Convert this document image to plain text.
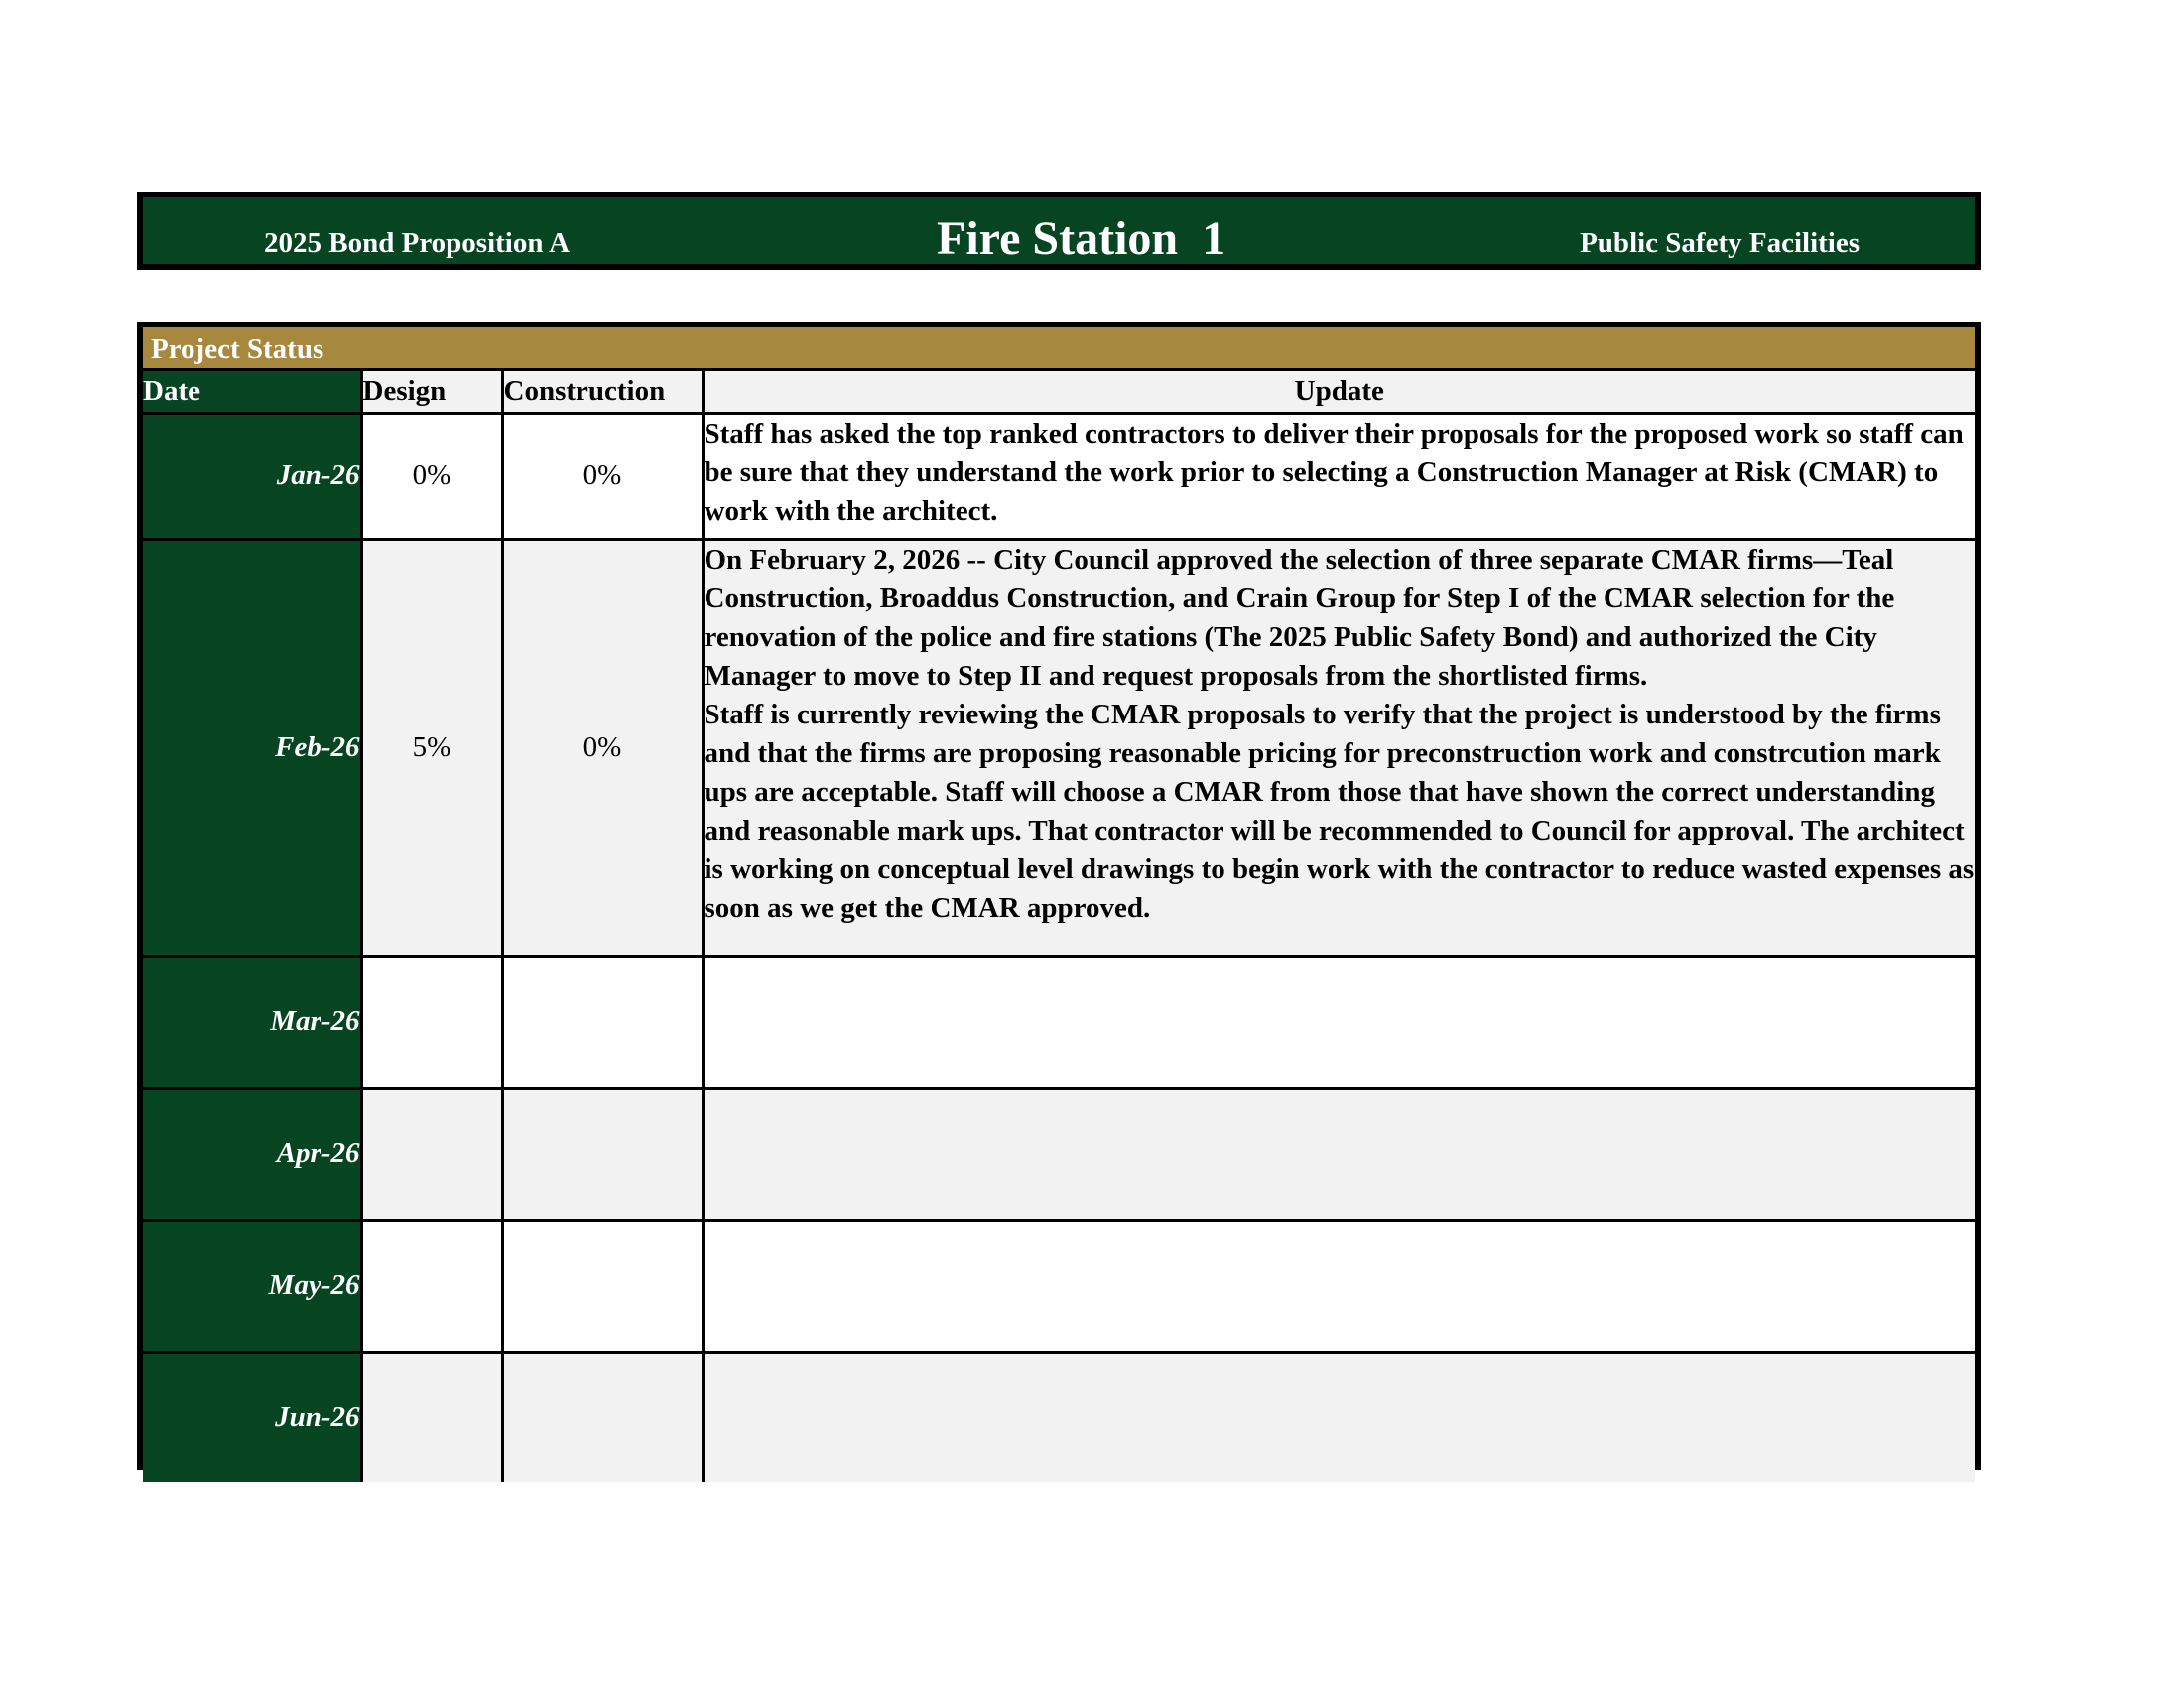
2025 Bond Proposition A	Fire Station  1	Public Safety Facilities
Project Status
Date	Design	Construction	Update
Jan-26	0%	0%	Staff has asked the top ranked contractors to deliver their proposals for the proposed work so staff can be sure that they understand the work prior to selecting a Construction Manager at Risk (CMAR) to work with the architect.

Feb-26	5%	0%	On February 2, 2026 -- City Council approved the selection of three separate CMAR firms—Teal Construction, Broaddus Construction, and Crain Group for Step I of the CMAR selection for the renovation of the police and fire stations (The 2025 Public Safety Bond) and authorized the City Manager to move to Step II and request proposals from the shortlisted firms.

Staff is currently reviewing the CMAR proposals to verify that the project is understood by the firms and that the firms are proposing reasonable pricing for preconstruction work and constrcution mark ups are acceptable. Staff will choose a CMAR from those that have shown the correct understanding and reasonable mark ups. That contractor will be recommended to Council for approval. The architect is working on conceptual level drawings to begin work with the contractor to reduce wasted expenses as soon as we get the CMAR approved.

Mar-26			

Apr-26			

May-26			

Jun-26			
